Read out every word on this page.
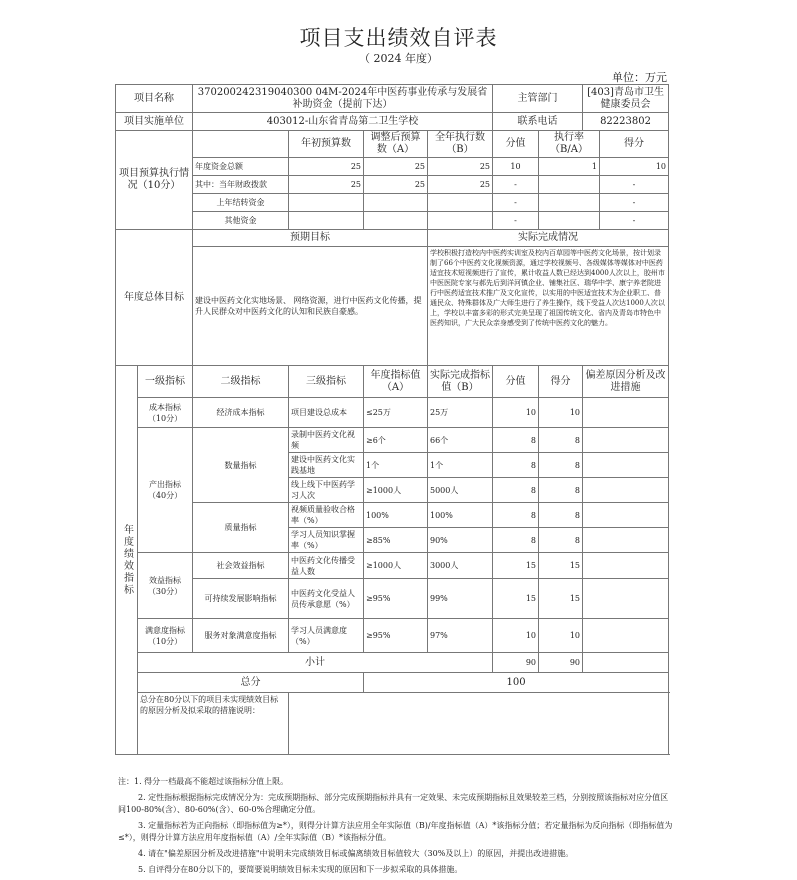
项目支出绩效自评表
（ 2024 年度）
单位：万元
项目名称		370200242319040300 04M-2024年中医药事业传承与发展省补助资金（提前下达）				主管部门		[403]青岛市卫生健康委员会	
项目实施单位		403012-山东省青岛第二卫生学校				联系电话		82223802	
项目预算执行情况（10分）			年初预算数	调整后预算数（A）	全年执行数（B）	分值	执行率（B/A）		得分
		年度资金总额	25	25	25	10	1		10
		其中：当年财政拨款	25	25	25	-			-
		上年结转资金				-			-
		其他资金				-			-
年度总体目标		预期目标			实际完成情况				
		建设中医药文化实地场景、 网络资源，进行中医药文化传播，提升人民群众对中医药文化的认知和民族自豪感。			学校积极打造校内中医药实训室及校内百草园等中医药文化场景，按计划录制了66个中医药文化视频资源，通过学校视频号、各级媒体等媒体对中医药适宜技术短视频进行了宣传，累计收益人数已经达到4000人次以上，胶州市中医医院专家与郝先后到洋河镇企业、铺集社区、瑞华中学、康宁养老院进行中医药适宜技术推广及文化宣传，以实用的中医适宜技术为企业职工、普通民众、特殊群体及广大师生进行了养生操作，线下受益人次达1000人次以上，学校以丰富多彩的形式完美呈现了祖国传统文化、省内及青岛市特色中医药知识，广大民众亲身感受到了传统中医药文化的魅力。				
年度绩效指标	一级指标	二级指标	三级指标	年度指标值（A）	实际完成指标值（B）	分值	得分	偏差原因分析及改进措施	
	成本指标（10分）	经济成本指标	项目建设总成本	≤25万	25万	10	10		
	产出指标（40分）	数量指标	录制中医药文化视频	≥6个	66个	8	8		
			建设中医药文化实践基地	1个	1个	8	8		
			线上线下中医药学习人次	≥1000人	5000人	8	8		
		质量指标	视频质量验收合格率（%）	100%	100%	8	8		
			学习人员知识掌握率（%）	≥85%	90%	8	8		
	效益指标（30分）	社会效益指标	中医药文化传播受益人数	≥1000人	3000人	15	15		
		可持续发展影响指标	中医药文化受益人员传承意愿（%）	≥95%	99%	15	15		
	满意度指标（10分）	服务对象满意度指标	学习人员满意度（%）	≥95%	97%	10	10		
	小计					90	90		
	总分			100					
	总分在80分以下的项目未实现绩效目标的原因分析及拟采取的措施说明：								

注：1. 得分一档最高不能超过该指标分值上限。

2. 定性指标根据指标完成情况分为：完成预期指标、部分完成预期指标并具有一定效果、未完成预期指标且效果较差三档，分别按照该指标对应分值区间100-80%(含）、80-60%(含）、60-0%合理确定分值。

3. 定量指标若为正向指标（即指标值为≥*），则得分计算方法应用全年实际值（B)/年度指标值（A）*该指标分值；若定量指标为反向指标（即指标值为≤*），则得分计算方法应用年度指标值（A）/全年实际值（B）*该指标分值。

4. 请在"偏差原因分析及改进措施"中说明未完成绩效目标或偏离绩效目标值较大（30%及以上）的原因，并提出改进措施。

5. 自评得分在80分以下的，要简要说明绩效目标未实现的原因和下一步拟采取的具体措施。
